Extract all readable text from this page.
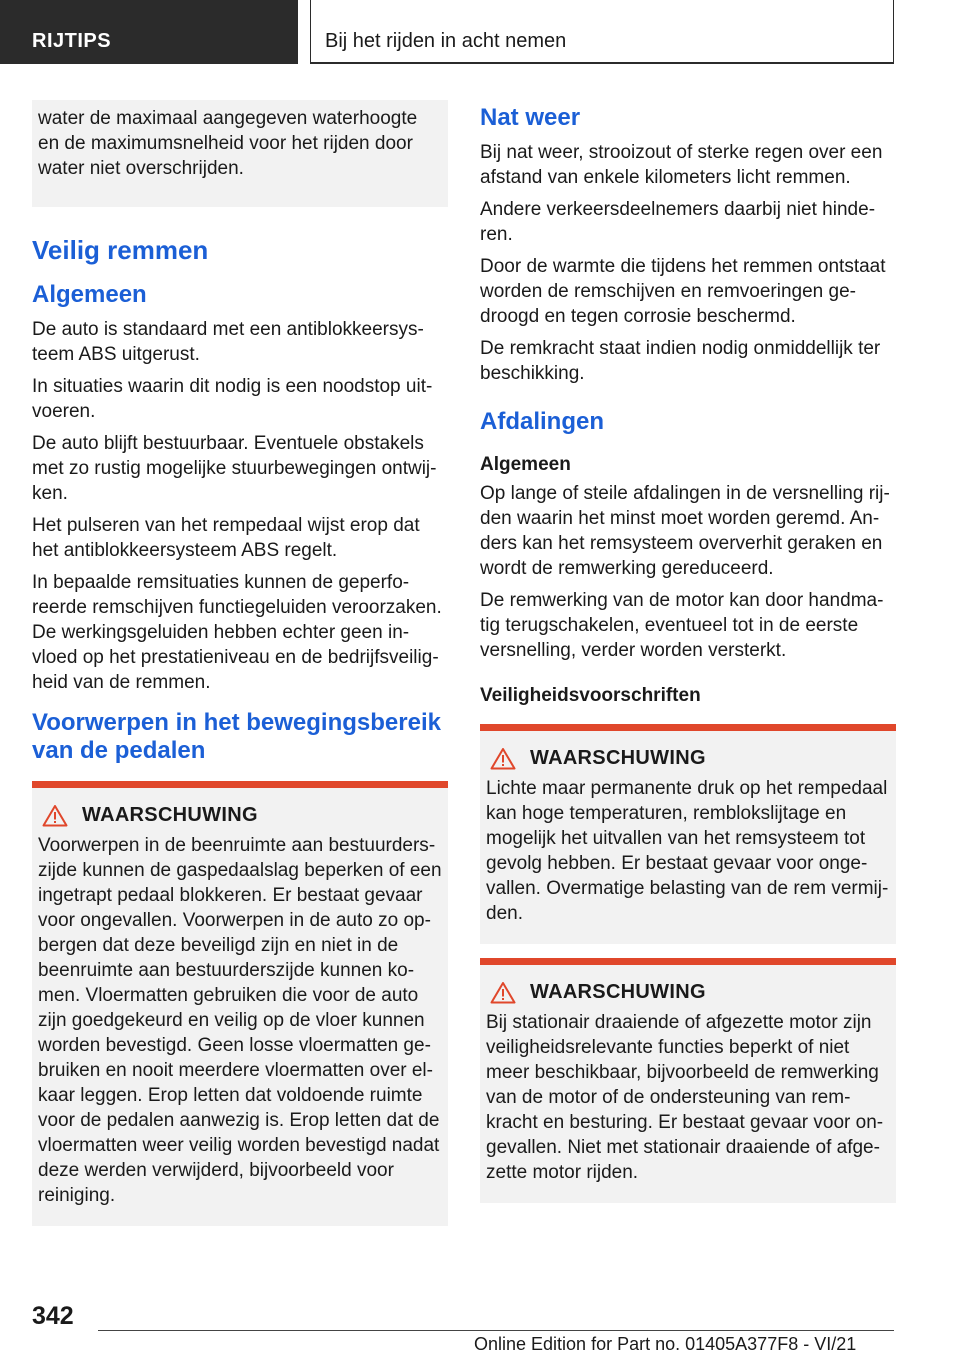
RIJTIPS	Bij het rijden in acht nemen

water de maximaal aangegeven waterhoogte en de maximumsnelheid voor het rijden door water niet overschrijden.

Veilig remmen
Algemeen

De auto is standaard met een antiblokkeersysteem ABS uitgerust.

In situaties waarin dit nodig is een noodstop uitvoeren.

De auto blijft bestuurbaar. Eventuele obstakels met zo rustig mogelijke stuurbewegingen ontwijken.

Het pulseren van het rempedaal wijst erop dat het antiblokkeersysteem ABS regelt.

In bepaalde remsituaties kunnen de geperforeerde remschijven functiegeluiden veroorzaken. De werkingsgeluiden hebben echter geen invloed op het prestatieniveau en de bedrijfsveiligheid van de remmen.

Voorwerpen in het bewegingsbereik van de pedalen
WAARSCHUWING

Voorwerpen in de beenruimte aan bestuurderszijde kunnen de gaspedaalslag beperken of een ingetrapt pedaal blokkeren. Er bestaat gevaar voor ongevallen. Voorwerpen in de auto zo opbergen dat deze beveiligd zijn en niet in de beenruimte aan bestuurderszijde kunnen komen. Vloermatten gebruiken die voor de auto zijn goedgekeurd en veilig op de vloer kunnen worden bevestigd. Geen losse vloermatten gebruiken en nooit meerdere vloermatten over elkaar leggen. Erop letten dat voldoende ruimte voor de pedalen aanwezig is. Erop letten dat de vloermatten weer veilig worden bevestigd nadat deze werden verwijderd, bijvoorbeeld voor reiniging.

Nat weer

Bij nat weer, strooizout of sterke regen over een afstand van enkele kilometers licht remmen.

Andere verkeersdeelnemers daarbij niet hinderen.

Door de warmte die tijdens het remmen ontstaat worden de remschijven en remvoeringen gedroogd en tegen corrosie beschermd.

De remkracht staat indien nodig onmiddellijk ter beschikking.

Afdalingen
Algemeen

Op lange of steile afdalingen in de versnelling rijden waarin het minst moet worden geremd. Anders kan het remsysteem oververhit geraken en wordt de remwerking gereduceerd.

De remwerking van de motor kan door handmatig terugschakelen, eventueel tot in de eerste versnelling, verder worden versterkt.

Veiligheidsvoorschriften
WAARSCHUWING

Lichte maar permanente druk op het rempedaal kan hoge temperaturen, remblokslijtage en mogelijk het uitvallen van het remsysteem tot gevolg hebben. Er bestaat gevaar voor ongevallen. Overmatige belasting van de rem vermijden.

WAARSCHUWING

Bij stationair draaiende of afgezette motor zijn veiligheidsrelevante functies beperkt of niet meer beschikbaar, bijvoorbeeld de remwerking van de motor of de ondersteuning van remkracht en besturing. Er bestaat gevaar voor ongevallen. Niet met stationair draaiende of afgezette motor rijden.

342
Online Edition for Part no. 01405A377F8 - VI/21
